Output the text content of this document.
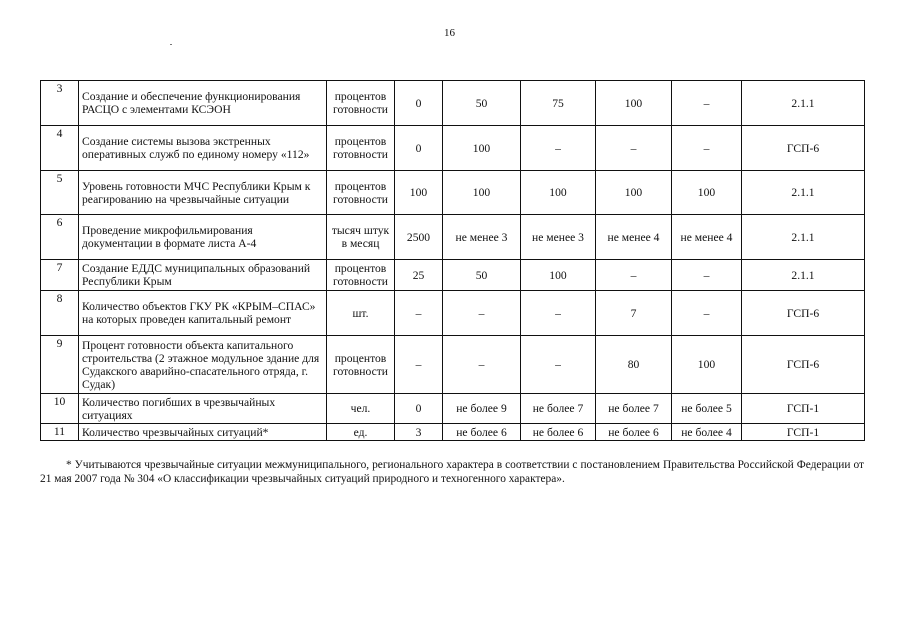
16
3	Создание и обеспечение функционирования РАСЦО с элементами КСЭОН	процентов готовности	0	50	75	100	–	2.1.1
4	Создание системы вызова экстренных оперативных служб по единому номеру «112»	процентов готовности	0	100	–	–	–	ГСП-6
5	Уровень готовности МЧС Республики Крым к реагированию на чрезвычайные ситуации	процентов готовности	100	100	100	100	100	2.1.1
6	Проведение микрофильмирования документации в формате листа А-4	тысяч штук в месяц	2500	не менее 3	не менее 3	не менее 4	не менее 4	2.1.1
7	Создание ЕДДС муниципальных образований Республики Крым	процентов готовности	25	50	100	–	–	2.1.1
8	Количество объектов ГКУ РК «КРЫМ–СПАС» на которых проведен капитальный ремонт	шт.	–	–	–	7	–	ГСП-6
9	Процент готовности объекта капитального строительства (2 этажное модульное здание для Судакского аварийно-спасательного отряда, г. Судак)	процентов готовности	–	–	–	80	100	ГСП-6
10	Количество погибших в чрезвычайных ситуациях	чел.	0	не более 9	не более 7	не более 7	не более 5	ГСП-1
11	Количество чрезвычайных ситуаций*	ед.	3	не более 6	не более 6	не более 6	не более 4	ГСП-1
* Учитываются чрезвычайные ситуации межмуниципального, регионального характера в соответствии с постановлением Правительства Российской Федерации от 21 мая 2007 года № 304 «О классификации чрезвычайных ситуаций природного и техногенного характера».
